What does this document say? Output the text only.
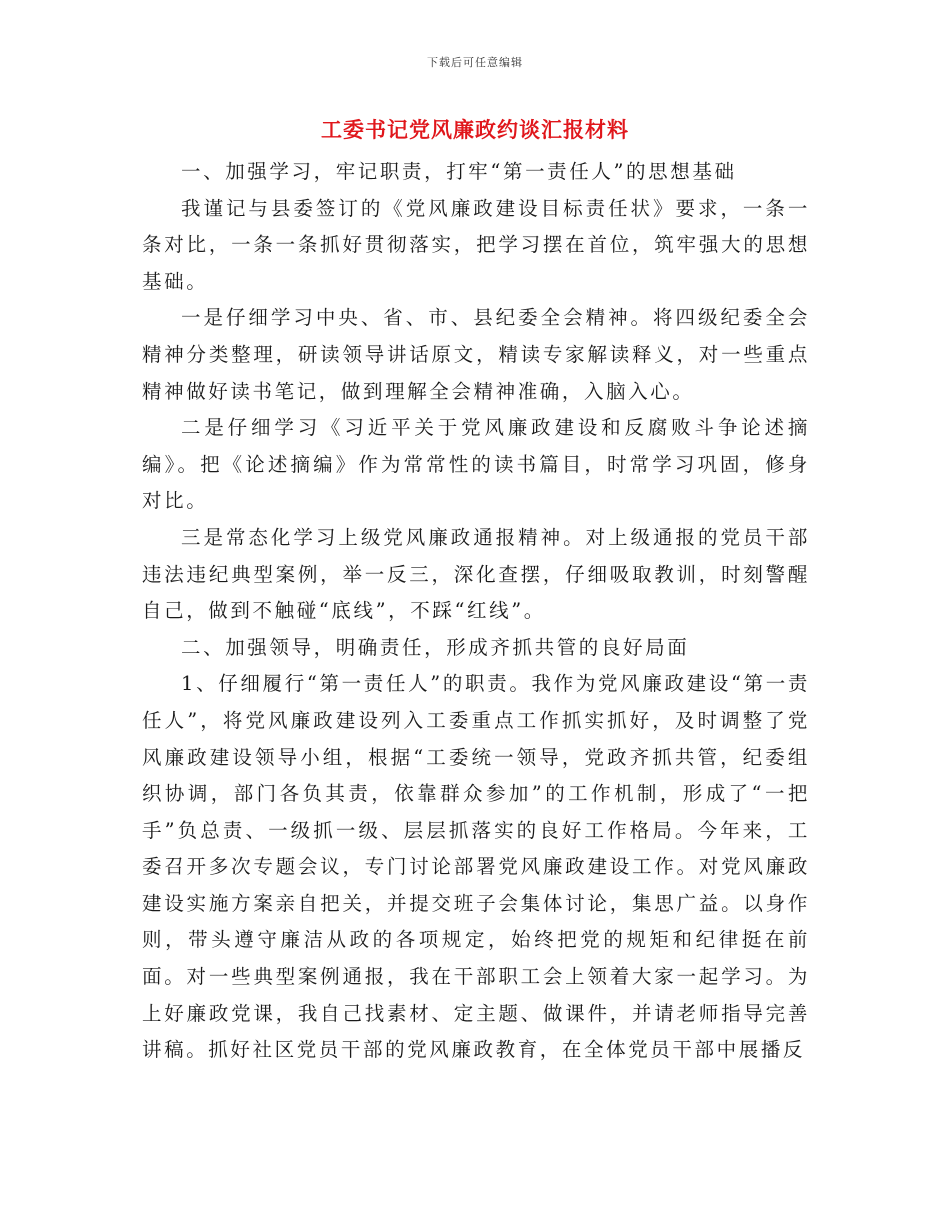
下载后可任意编辑
工委书记党风廉政约谈汇报材料

一、加强学习，牢记职责，打牢“第一责任人”的思想基础

我谨记与县委签订的《党风廉政建设目标责任状》要求，一条一条对比，一条一条抓好贯彻落实，把学习摆在首位，筑牢强大的思想基础。

一是仔细学习中央、省、市、县纪委全会精神。将四级纪委全会精神分类整理，研读领导讲话原文，精读专家解读释义，对一些重点精神做好读书笔记，做到理解全会精神准确，入脑入心。

二是仔细学习《习近平关于党风廉政建设和反腐败斗争论述摘编》。把《论述摘编》作为常常性的读书篇目，时常学习巩固，修身对比。

三是常态化学习上级党风廉政通报精神。对上级通报的党员干部违法违纪典型案例，举一反三，深化查摆，仔细吸取教训，时刻警醒自己，做到不触碰“底线”，不踩“红线”。

二、加强领导，明确责任，形成齐抓共管的良好局面

1、仔细履行“第一责任人”的职责。我作为党风廉政建设“第一责任人”，将党风廉政建设列入工委重点工作抓实抓好，及时调整了党风廉政建设领导小组，根据“工委统一领导，党政齐抓共管，纪委组织协调，部门各负其责，依靠群众参加”的工作机制，形成了“一把手”负总责、一级抓一级、层层抓落实的良好工作格局。今年来，工委召开多次专题会议，专门讨论部署党风廉政建设工作。对党风廉政建设实施方案亲自把关，并提交班子会集体讨论，集思广益。以身作则，带头遵守廉洁从政的各项规定，始终把党的规矩和纪律挺在前面。对一些典型案例通报，我在干部职工会上领着大家一起学习。为上好廉政党课，我自己找素材、定主题、做课件，并请老师指导完善讲稿。抓好社区党员干部的党风廉政教育，在全体党员干部中展播反
